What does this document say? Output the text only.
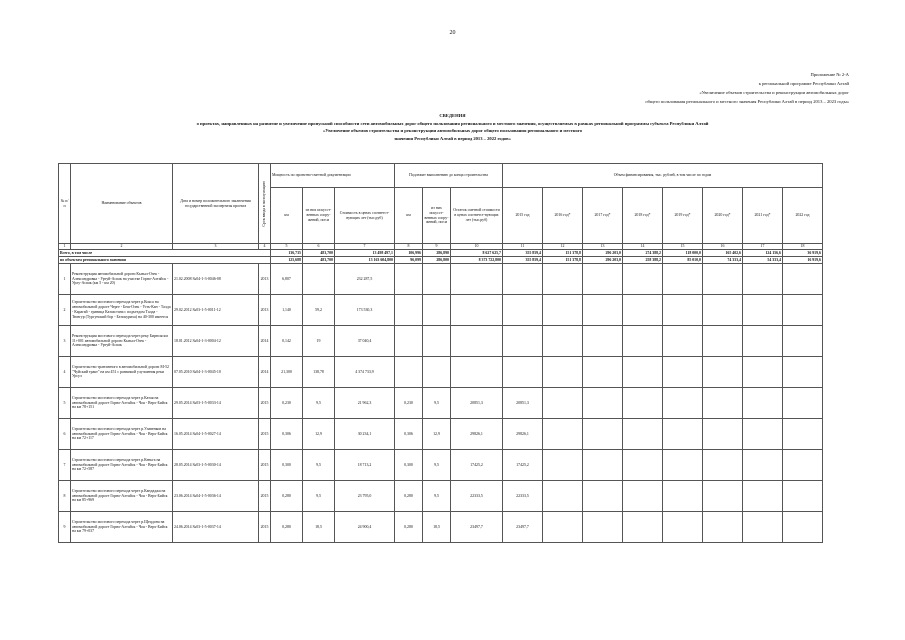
20
Приложение № 2-А
к региональной программе Республики Алтай
«Увеличение объемов строительства и реконструкции автомобильных дорог
общего пользования регионального и местного значения Республики Алтай в период 2013 – 2023 годы»
СВЕДЕНИЯ
о проектах, направленных на развитие и увеличение пропускной способности сети автомобильных дорог общего пользования регионального и местного значения, осуществляемых в рамках региональной программы субъекта Республики Алтай
«Увеличение объемов строительства и реконструкции автомобильных дорог общего пользования регионального и местного
значения Республики Алтай в период 2013 – 2022 годов»
№ п/п	Наименование объектов	Дата и номер положительного заключения государственной экспертизы проекта	Срок ввода в эксплуатацию	Мощность по проектно-сметной документации			Подлежит выполнению до конца строительства			Объем финансирования, тыс. рублей, в том числе по годам							
				км	из них искусст-венных соору-жений, пог.м	Стоимость в ценах соответст-вующих лет (тыс.руб)	км	из них искусст-венных соору-жений, пог.м	Остаток сметной стоимости в ценах соответст-вующих лет (тыс.руб)	2015 год	2016 год*	2017 год*	2018 год*	2019 год*	2020 год*	2021 год*	2022 год
1	2	3	4	5	6	7	8	9	10	11	12	13	14	15	16	17	18
Всего, в том числе				136,735	483,700	13 498 497,1	106,996	286,890	8 627 625,7	355 859,4	151 378,8	296 203,0	274 388,2	118 000,0	165 402,6	124 156,6	36 919,6
по объектам регионального значения				125,688	483,700	13 163 604,800	96,099	286,800	8 373 722,800	355 859,4	151 378,8	296 203,0	258 388,2	85 010,0	74 333,4	54 333,4	16 919,6
1	Реконструкция автомобильной дороги Кызыл-Озек - Александровка - Уртуй-Аспак на участке Горно-Алтайск - Урлу-Аспак (км 5 - км 20)	21.02.2008 №04-1-3-0046-08	2013	6,807		232 287,5											
2	Строительство мостового перехода через р.Кокса на автомобильной дороге Черге - Беш-Озек - Усть-Кан - Талда - Карагай - граница Казахстана с подъездом Талда - Тюнгур (Тургунский бор - Белокуриха) на 40-300 имеется	29.02.2012 №03-1-5-0011-12	2013	1,140	59,2	173 530,3											
3	Реконструкция мостового перехода через реку Бирюля км 11+001 автомобильной дороги Кызыл-Озек - Александровка - Уртуй-Аспак	18.01.2012 №04-1-3-0004-12	2014	0,142	19	37 040,4											
4	Строительство транзитного в автомобильной дороги М-52 "Чуйский тракт" на км 451 с развязкой улучшения реки Урсул	07.05.2010 №04-1-3-0045-10	2014	21,300	138,78	4 374 733,9											
5	Строительство мостового перехода через р.Катая на автомобильной дороге Горно-Алтайск - Чоя - Верх-Бийск на км 78+151	29.05.2014 №03-1-5-0033-14	2015	0,230	9,5	21 962,3	0,230	9,5	20851,3	20851,3							
6	Строительство мостового перехода через р.Улавенков на автомобильной дороге Горно-Алтайск - Чоя - Верх-Бийск на км 72+117	16.05.2014 №04-1-5-0027-14	2015	0,306	12,9	30 234,1	0,306	12,9	29826,1	29826,1							
7	Строительство мостового перехода через р.Кеньга на автомобильной дороге Горно-Алтайск - Чоя - Верх-Бийск на км 72+587	28.05.2014 №03-1-5-0030-14	2015	0,300	9,5	18 713,2	0,300	9,5	17425,2	17425,2							
8	Строительство мостового перехода через р.Кандаджа на автомобильной дороге Горно-Алтайск - Чоя - Верх-Бийск на км 85+969	23.06.2014 №04-1-5-0036-14	2015	0,280	9,5	23 795,0	0,280	9,5	22333,5	22333,5							
9	Строительство мостового перехода через р.Щецдона на автомобильной дороге Горно-Алтайск - Чоя - Верх-Бийск на км 79+037	24.06.2014 №03-1-5-0037-14	2015	0,280	18,5	24 900,4	0,280	18,5	23497,7	23497,7							
